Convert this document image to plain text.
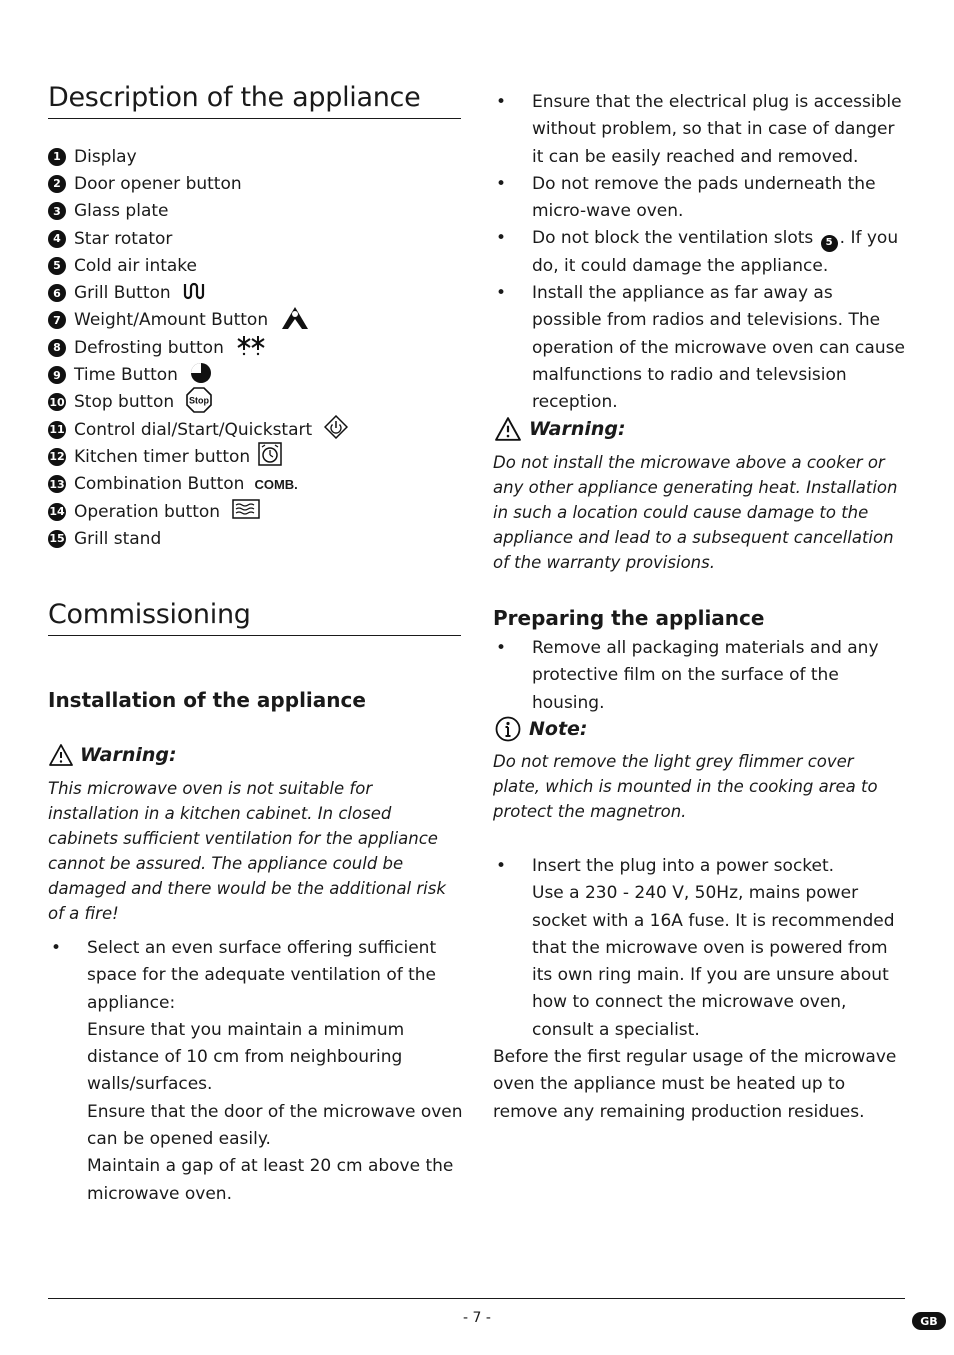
Description of the appliance
1 Display
2 Door opener button
3 Glass plate
4 Star rotator
5 Cold air intake
6 Grill Button
7 Weight/Amount Button
8 Defrosting button
9 Time Button
10 Stop button Stop
11 Control dial/Start/Quickstart
12 Kitchen timer button
13 Combination Button COMB.
14 Operation button
15 Grill stand
Commissioning
Installation of the appliance
Warning:

This microwave oven is not suitable for installation in a kitchen cabinet. In closed cabinets sufficient ventilation for the appliance cannot be assured. The appliance could be damaged and there would be the additional risk of a fire!

• Select an even surface offering sufficient space for the adequate ventilation of the appliance:
Ensure that you maintain a minimum distance of 10 cm from neighbouring walls/surfaces.
Ensure that the door of the microwave oven can be opened easily.
Maintain a gap of at least 20 cm above the microwave oven.
• Ensure that the electrical plug is accessible without problem, so that in case of danger it can be easily reached and removed.
• Do not remove the pads underneath the micro-wave oven.
• Do not block the ventilation slots 5 . If you do, it could damage the appliance.
• Install the appliance as far away as possible from radios and televisions. The operation of the microwave oven can cause malfunctions to radio and televsision reception.
Warning:

Do not install the microwave above a cooker or any other appliance generating heat. Installation in such a location could cause damage to the appliance and lead to a subsequent cancellation of the warranty provisions.

Preparing the appliance
• Remove all packaging materials and any protective film on the surface of the housing.
Note:

Do not remove the light grey flimmer cover plate, which is mounted in the cooking area to protect the magnetron.

• Insert the plug into a power socket.
Use a 230 - 240 V, 50Hz, mains power socket with a 16A fuse. It is recommended that the microwave oven is powered from its own ring main. If you are unsure about how to connect the microwave oven, consult a specialist.

Before the first regular usage of the microwave oven the appliance must be heated up to remove any remaining production residues.

- 7 -	GB
